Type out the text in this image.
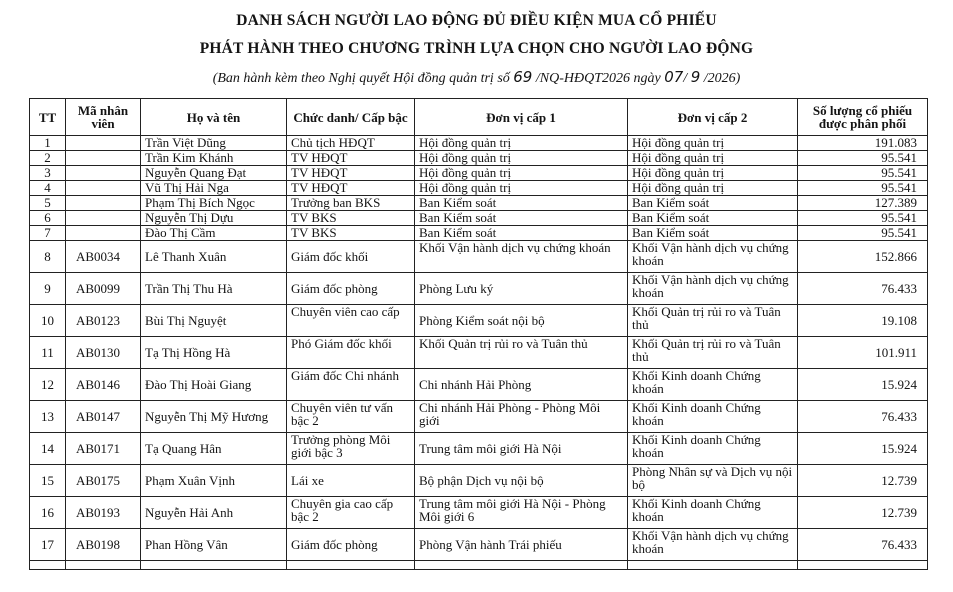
DANH SÁCH NGƯỜI LAO ĐỘNG ĐỦ ĐIỀU KIỆN MUA CỔ PHIẾU
PHÁT HÀNH THEO CHƯƠNG TRÌNH LỰA CHỌN CHO NGƯỜI LAO ĐỘNG
(Ban hành kèm theo Nghị quyết Hội đồng quản trị số 69 /NQ-HĐQT2026 ngày 07/ 9 /2026)
TT	Mã nhân viên	Họ và tên	Chức danh/ Cấp bậc	Đơn vị cấp 1	Đơn vị cấp 2	Số lượng cổ phiếu được phân phối
1		Trần Việt Dũng	Chủ tịch HĐQT	Hội đồng quản trị	Hội đồng quản trị	191.083
2		Trần Kim Khánh	TV HĐQT	Hội đồng quản trị	Hội đồng quản trị	95.541
3		Nguyễn Quang Đạt	TV HĐQT	Hội đồng quản trị	Hội đồng quản trị	95.541
4		Vũ Thị Hải Nga	TV HĐQT	Hội đồng quản trị	Hội đồng quản trị	95.541
5		Phạm Thị Bích Ngọc	Trưởng ban BKS	Ban Kiểm soát	Ban Kiểm soát	127.389
6		Nguyễn Thị Dựu	TV BKS	Ban Kiểm soát	Ban Kiểm soát	95.541
7		Đào Thị Cầm	TV BKS	Ban Kiểm soát	Ban Kiểm soát	95.541
8	AB0034	Lê Thanh Xuân	Giám đốc khối	Khối Vận hành dịch vụ chứng khoán	Khối Vận hành dịch vụ chứng khoán	152.866
9	AB0099	Trần Thị Thu Hà	Giám đốc phòng	Phòng Lưu ký	Khối Vận hành dịch vụ chứng khoán	76.433
10	AB0123	Bùi Thị Nguyệt	Chuyên viên cao cấp	Phòng Kiểm soát nội bộ	Khối Quản trị rủi ro và Tuân thủ	19.108
11	AB0130	Tạ Thị Hồng Hà	Phó Giám đốc khối	Khối Quản trị rủi ro và Tuân thủ	Khối Quản trị rủi ro và Tuân thủ	101.911
12	AB0146	Đào Thị Hoài Giang	Giám đốc Chi nhánh	Chi nhánh Hải Phòng	Khối Kinh doanh Chứng khoán	15.924
13	AB0147	Nguyễn Thị Mỹ Hương	Chuyên viên tư vấn bậc 2	Chi nhánh Hải Phòng - Phòng Môi giới	Khối Kinh doanh Chứng khoán	76.433
14	AB0171	Tạ Quang Hân	Trưởng phòng Môi giới bậc 3	Trung tâm môi giới Hà Nội	Khối Kinh doanh Chứng khoán	15.924
15	AB0175	Phạm Xuân Vịnh	Lái xe	Bộ phận Dịch vụ nội bộ	Phòng Nhân sự và Dịch vụ nội bộ	12.739
16	AB0193	Nguyễn Hải Anh	Chuyên gia cao cấp bậc 2	Trung tâm môi giới Hà Nội - Phòng Môi giới 6	Khối Kinh doanh Chứng khoán	12.739
17	AB0198	Phan Hồng Vân	Giám đốc phòng	Phòng Vận hành Trái phiếu	Khối Vận hành dịch vụ chứng khoán	76.433
